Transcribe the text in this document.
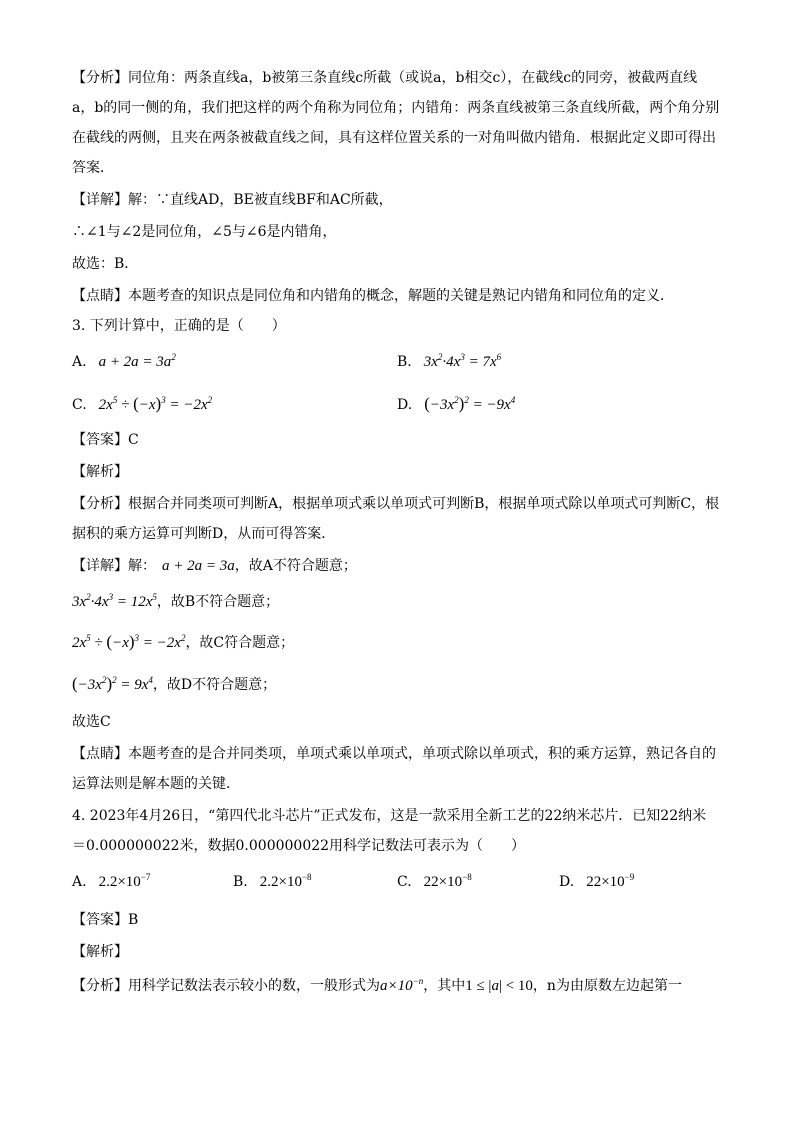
【分析】同位角：两条直线a，b被第三条直线c所截（或说a，b相交c），在截线c的同旁，被截两直线
a，b的同一侧的角，我们把这样的两个角称为同位角；内错角：两条直线被第三条直线所截，两个角分别
在截线的两侧，且夹在两条被截直线之间，具有这样位置关系的一对角叫做内错角．根据此定义即可得出
答案．
【详解】解：∵直线AD，BE被直线BF和AC所截，
∴∠1与∠2是同位角，∠5与∠6是内错角，
故选：B．
【点睛】本题考查的知识点是同位角和内错角的概念，解题的关键是熟记内错角和同位角的定义．
3. 下列计算中，正确的是（　　）
A. $a + 2a = 3a^2$	B. $3x^2\cdot 4x^3 = 7x^6$
C. $2x^5 \div (-x)^3 = -2x^2$	D. $(-3x^2)^2 = -9x^4$
【答案】C
【解析】
【分析】根据合并同类项可判断A，根据单项式乘以单项式可判断B，根据单项式除以单项式可判断C，根
据积的乘方运算可判断D，从而可得答案．
【详解】解： a + 2a = 3a，故A不符合题意；
$3x^2\cdot 4x^3 = 12x^5$，故B不符合题意；
$2x^5 \div (-x)^3 = -2x^2$，故C符合题意；
$(-3x^2)^2 = 9x^4$，故D不符合题意；
故选C
【点睛】本题考查的是合并同类项，单项式乘以单项式，单项式除以单项式，积的乘方运算，熟记各自的
运算法则是解本题的关键．
4. 2023年4月26日，“第四代北斗芯片”正式发布，这是一款采用全新工艺的22纳米芯片．已知22纳米
＝0.000000022米，数据0.000000022用科学记数法可表示为（　　）
A. $2.2\times 10^{-7}$	B. $2.2\times 10^{-8}$	C. $22\times 10^{-8}$	D. $22\times 10^{-9}$
【答案】B
【解析】
【分析】用科学记数法表示较小的数，一般形式为$a\times 10^{-n}$，其中1 ≤ |a| < 10，n为由原数左边起第一
